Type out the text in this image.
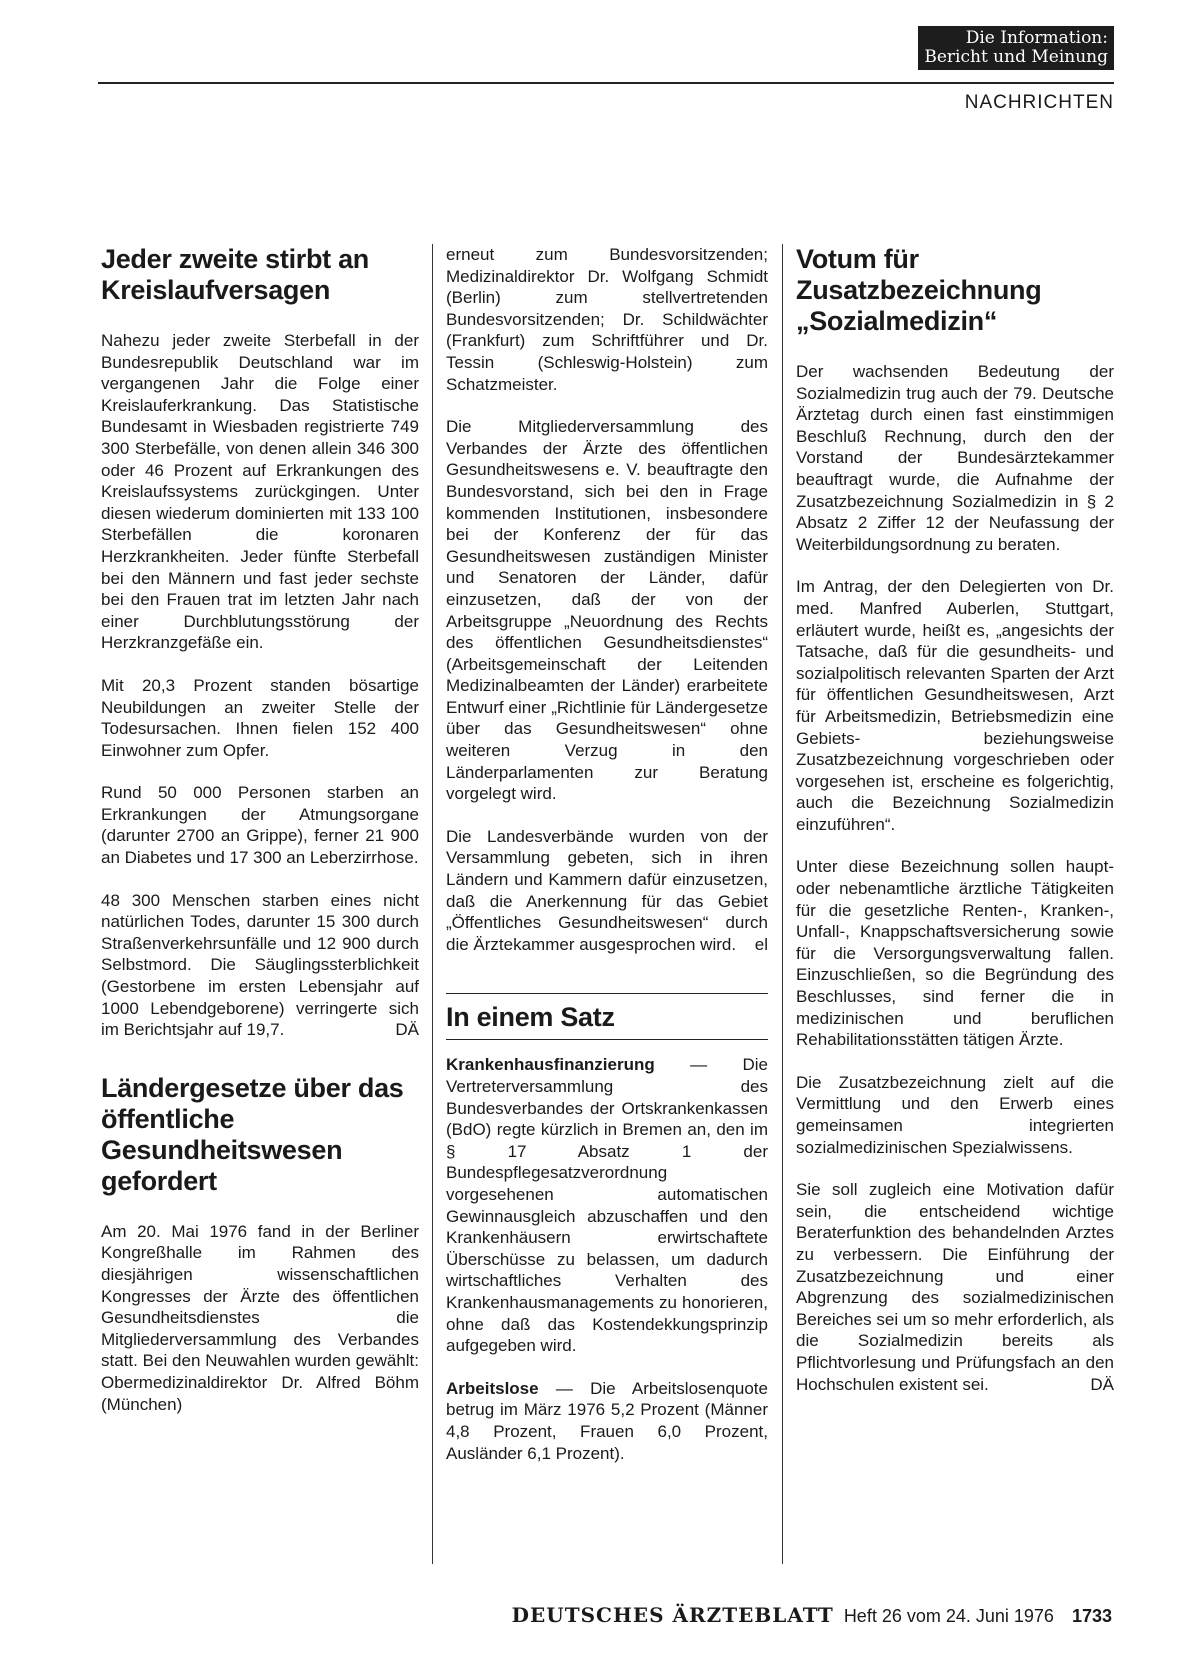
Die Information:
Bericht und Meinung
NACHRICHTEN
Jeder zweite stirbt an Kreislaufversagen

Nahezu jeder zweite Sterbefall in der Bundesrepublik Deutschland war im vergangenen Jahr die Folge einer Kreislauferkrankung. Das Statistische Bundesamt in Wiesbaden registrierte 749 300 Sterbefälle, von denen allein 346 300 oder 46 Prozent auf Erkrankungen des Kreislaufssystems zurückgingen. Unter diesen wiederum dominierten mit 133 100 Sterbefällen die koronaren Herzkrankheiten. Jeder fünfte Sterbefall bei den Männern und fast jeder sechste bei den Frauen trat im letzten Jahr nach einer Durchblutungsstörung der Herzkranzgefäße ein.

Mit 20,3 Prozent standen bösartige Neubildungen an zweiter Stelle der Todesursachen. Ihnen fielen 152 400 Einwohner zum Opfer.

Rund 50 000 Personen starben an Erkrankungen der Atmungsorgane (darunter 2700 an Grippe), ferner 21 900 an Diabetes und 17 300 an Leberzirrhose.

48 300 Menschen starben eines nicht natürlichen Todes, darunter 15 300 durch Straßenverkehrsunfälle und 12 900 durch Selbstmord. Die Säuglingssterblichkeit (Gestorbene im ersten Lebensjahr auf 1000 Lebendgeborene) verringerte sich im Berichtsjahr auf 19,7.	DÄ

Ländergesetze über das öffentliche Gesundheitswesen gefordert

Am 20. Mai 1976 fand in der Berliner Kongreßhalle im Rahmen des diesjährigen wissenschaftlichen Kongresses der Ärzte des öffentlichen Gesundheitsdienstes die Mitgliederversammlung des Verbandes statt. Bei den Neuwahlen wurden gewählt: Obermedizinaldirektor Dr. Alfred Böhm (München)

erneut zum Bundesvorsitzenden; Medizinaldirektor Dr. Wolfgang Schmidt (Berlin) zum stellvertretenden Bundesvorsitzenden; Dr. Schildwächter (Frankfurt) zum Schriftführer und Dr. Tessin (Schleswig-Holstein) zum Schatzmeister.

Die Mitgliederversammlung des Verbandes der Ärzte des öffentlichen Gesundheitswesens e. V. beauftragte den Bundesvorstand, sich bei den in Frage kommenden Institutionen, insbesondere bei der Konferenz der für das Gesundheitswesen zuständigen Minister und Senatoren der Länder, dafür einzusetzen, daß der von der Arbeitsgruppe „Neuordnung des Rechts des öffentlichen Gesundheitsdienstes“ (Arbeitsgemeinschaft der Leitenden Medizinalbeamten der Länder) erarbeitete Entwurf einer „Richtlinie für Ländergesetze über das Gesundheitswesen“ ohne weiteren Verzug in den Länderparlamenten zur Beratung vorgelegt wird.

Die Landesverbände wurden von der Versammlung gebeten, sich in ihren Ländern und Kammern dafür einzusetzen, daß die Anerkennung für das Gebiet „Öffentliches Gesundheitswesen“ durch die Ärztekammer ausgesprochen wird. el

In einem Satz

Krankenhausfinanzierung — Die Vertreterversammlung des Bundesverbandes der Ortskrankenkassen (BdO) regte kürzlich in Bremen an, den im § 17 Absatz 1 der Bundespflegesatzverordnung vorgesehenen automatischen Gewinnausgleich abzuschaffen und den Krankenhäusern erwirtschaftete Überschüsse zu belassen, um dadurch wirtschaftliches Verhalten des Krankenhausmanagements zu honorieren, ohne daß das Kostendekkungsprinzip aufgegeben wird.

Arbeitslose — Die Arbeitslosenquote betrug im März 1976 5,2 Prozent (Männer 4,8 Prozent, Frauen 6,0 Prozent, Ausländer 6,1 Prozent).

Votum für Zusatzbezeichnung „Sozialmedizin“

Der wachsenden Bedeutung der Sozialmedizin trug auch der 79. Deutsche Ärztetag durch einen fast einstimmigen Beschluß Rechnung, durch den der Vorstand der Bundesärztekammer beauftragt wurde, die Aufnahme der Zusatzbezeichnung Sozialmedizin in § 2 Absatz 2 Ziffer 12 der Neufassung der Weiterbildungsordnung zu beraten.

Im Antrag, der den Delegierten von Dr. med. Manfred Auberlen, Stuttgart, erläutert wurde, heißt es, „angesichts der Tatsache, daß für die gesundheits- und sozialpolitisch relevanten Sparten der Arzt für öffentlichen Gesundheitswesen, Arzt für Arbeitsmedizin, Betriebsmedizin eine Gebiets- beziehungsweise Zusatzbezeichnung vorgeschrieben oder vorgesehen ist, erscheine es folgerichtig, auch die Bezeichnung Sozialmedizin einzuführen“.

Unter diese Bezeichnung sollen haupt- oder nebenamtliche ärztliche Tätigkeiten für die gesetzliche Renten-, Kranken-, Unfall-, Knappschaftsversicherung sowie für die Versorgungsverwaltung fallen. Einzuschließen, so die Begründung des Beschlusses, sind ferner die in medizinischen und beruflichen Rehabilitationsstätten tätigen Ärzte.

Die Zusatzbezeichnung zielt auf die Vermittlung und den Erwerb eines gemeinsamen integrierten sozialmedizinischen Spezialwissens.

Sie soll zugleich eine Motivation dafür sein, die entscheidend wichtige Beraterfunktion des behandelnden Arztes zu verbessern. Die Einführung der Zusatzbezeichnung und einer Abgrenzung des sozialmedizinischen Bereiches sei um so mehr erforderlich, als die Sozialmedizin bereits als Pflichtvorlesung und Prüfungsfach an den Hochschulen existent sei.	DÄ

DEUTSCHES ÄRZTEBLATT Heft 26 vom 24. Juni 1976 1733
